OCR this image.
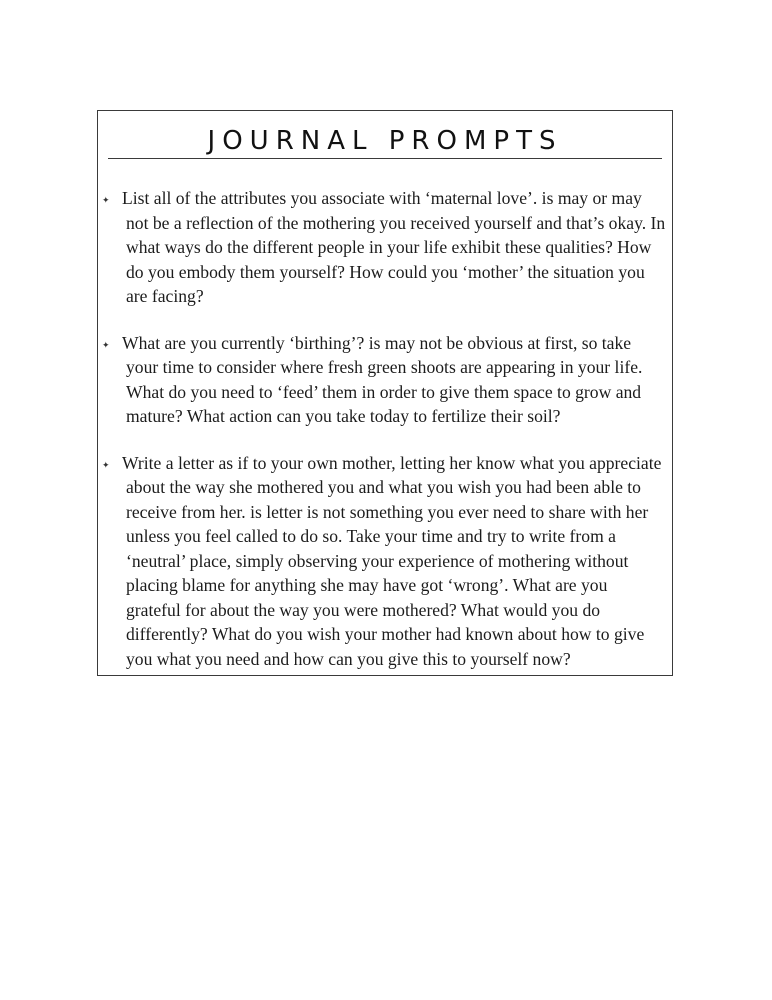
JOURNAL PROMPTS
✦ List all of the attributes you associate with ‘maternal love’. is may or may not be a reflection of the mothering you received yourself and that’s okay. In what ways do the different people in your life exhibit these qualities? How do you embody them yourself? How could you ‘mother’ the situation you are facing?
✦ What are you currently ‘birthing’? is may not be obvious at first, so take your time to consider where fresh green shoots are appearing in your life. What do you need to ‘feed’ them in order to give them space to grow and mature? What action can you take today to fertilize their soil?
✦ Write a letter as if to your own mother, letting her know what you appreciate about the way she mothered you and what you wish you had been able to receive from her. is letter is not something you ever need to share with her unless you feel called to do so. Take your time and try to write from a ‘neutral’ place, simply observing your experience of mothering without placing blame for anything she may have got ‘wrong’. What are you grateful for about the way you were mothered? What would you do differently? What do you wish your mother had known about how to give you what you need and how can you give this to yourself now?
